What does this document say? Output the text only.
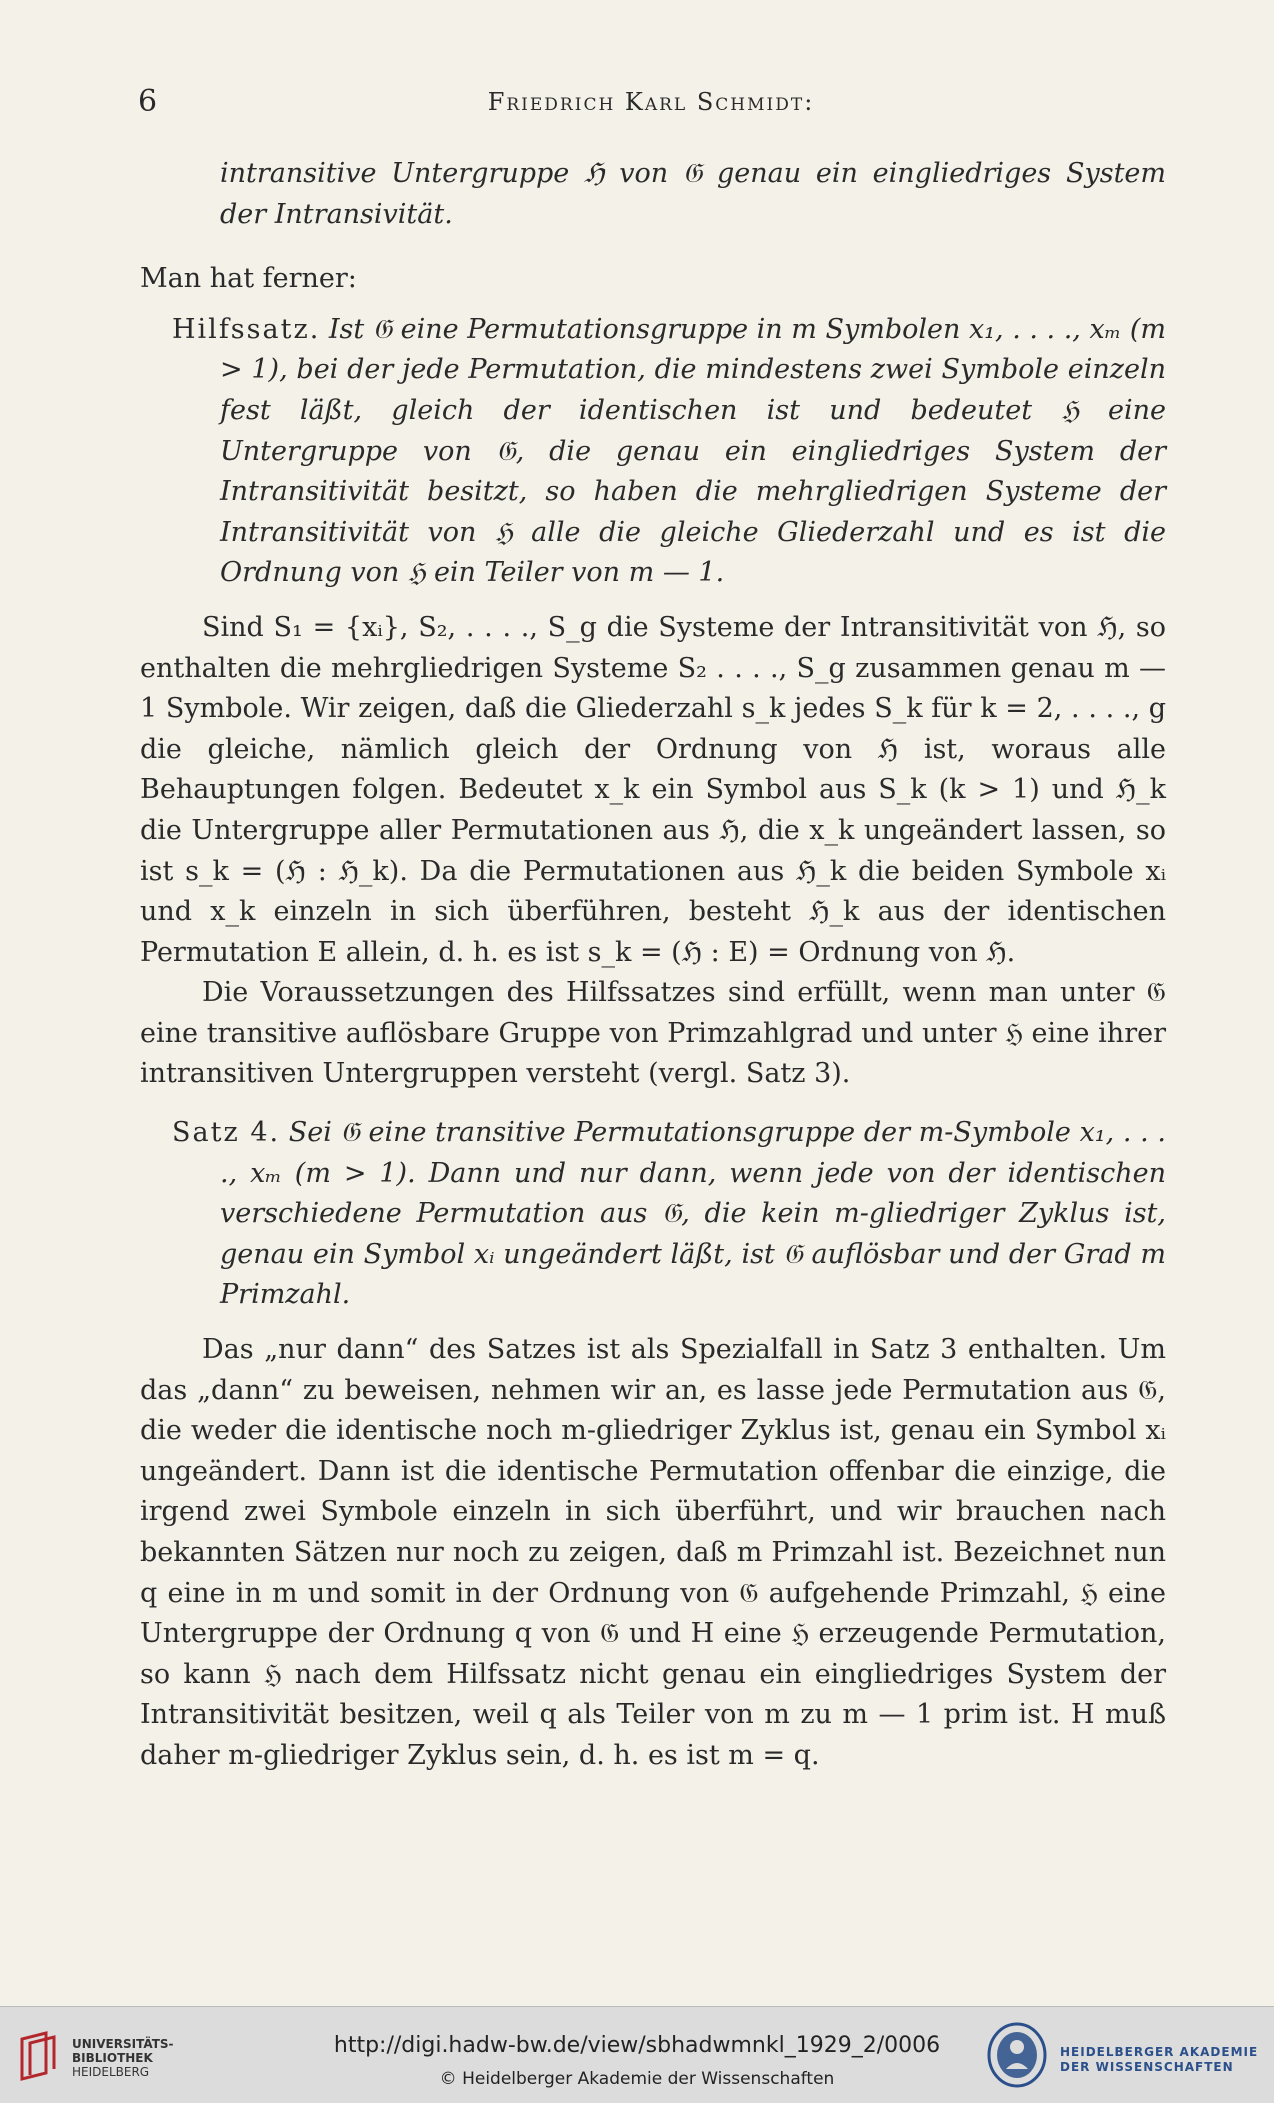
6	Friedrich Karl Schmidt:

intransitive Untergruppe ℌ von 𝔊 genau ein eingliedriges System der Intransivität.

Man hat ferner:

Hilfssatz. Ist 𝔊 eine Permutationsgruppe in m Symbolen x₁, . . . ., xₘ (m > 1), bei der jede Permutation, die mindestens zwei Symbole einzeln fest läßt, gleich der identischen ist und bedeutet ℌ eine Untergruppe von 𝔊, die genau ein eingliedriges System der Intransitivität besitzt, so haben die mehrgliedrigen Systeme der Intransitivität von ℌ alle die gleiche Gliederzahl und es ist die Ordnung von ℌ ein Teiler von m — 1.

Sind S₁ = {xᵢ}, S₂, . . . ., S_g die Systeme der Intransitivität von ℌ, so enthalten die mehrgliedrigen Systeme S₂ . . . ., S_g zusammen genau m — 1 Symbole. Wir zeigen, daß die Gliederzahl s_k jedes S_k für k = 2, . . . ., g die gleiche, nämlich gleich der Ordnung von ℌ ist, woraus alle Behauptungen folgen. Bedeutet x_k ein Symbol aus S_k (k > 1) und ℌ_k die Untergruppe aller Permutationen aus ℌ, die x_k ungeändert lassen, so ist s_k = (ℌ : ℌ_k). Da die Permutationen aus ℌ_k die beiden Symbole xᵢ und x_k einzeln in sich überführen, besteht ℌ_k aus der identischen Permutation E allein, d. h. es ist s_k = (ℌ : E) = Ordnung von ℌ.

Die Voraussetzungen des Hilfssatzes sind erfüllt, wenn man unter 𝔊 eine transitive auflösbare Gruppe von Primzahlgrad und unter ℌ eine ihrer intransitiven Untergruppen versteht (vergl. Satz 3).

Satz 4. Sei 𝔊 eine transitive Permutationsgruppe der m-Symbole x₁, . . . ., xₘ (m > 1). Dann und nur dann, wenn jede von der identischen verschiedene Permutation aus 𝔊, die kein m-gliedriger Zyklus ist, genau ein Symbol xᵢ ungeändert läßt, ist 𝔊 auflösbar und der Grad m Primzahl.

Das „nur dann“ des Satzes ist als Spezialfall in Satz 3 enthalten. Um das „dann“ zu beweisen, nehmen wir an, es lasse jede Permutation aus 𝔊, die weder die identische noch m-gliedriger Zyklus ist, genau ein Symbol xᵢ ungeändert. Dann ist die identische Permutation offenbar die einzige, die irgend zwei Symbole einzeln in sich überführt, und wir brauchen nach bekannten Sätzen nur noch zu zeigen, daß m Primzahl ist. Bezeichnet nun q eine in m und somit in der Ordnung von 𝔊 aufgehende Primzahl, ℌ eine Untergruppe der Ordnung q von 𝔊 und H eine ℌ erzeugende Permutation, so kann ℌ nach dem Hilfssatz nicht genau ein eingliedriges System der Intransitivität besitzen, weil q als Teiler von m zu m — 1 prim ist. H muß daher m-gliedriger Zyklus sein, d. h. es ist m = q.

UNIVERSITÄTS-
BIBLIOTHEK
HEIDELBERG
http://digi.hadw-bw.de/view/sbhadwmnkl_1929_2/0006
© Heidelberger Akademie der Wissenschaften
HEIDELBERGER AKADEMIE
DER WISSENSCHAFTEN
